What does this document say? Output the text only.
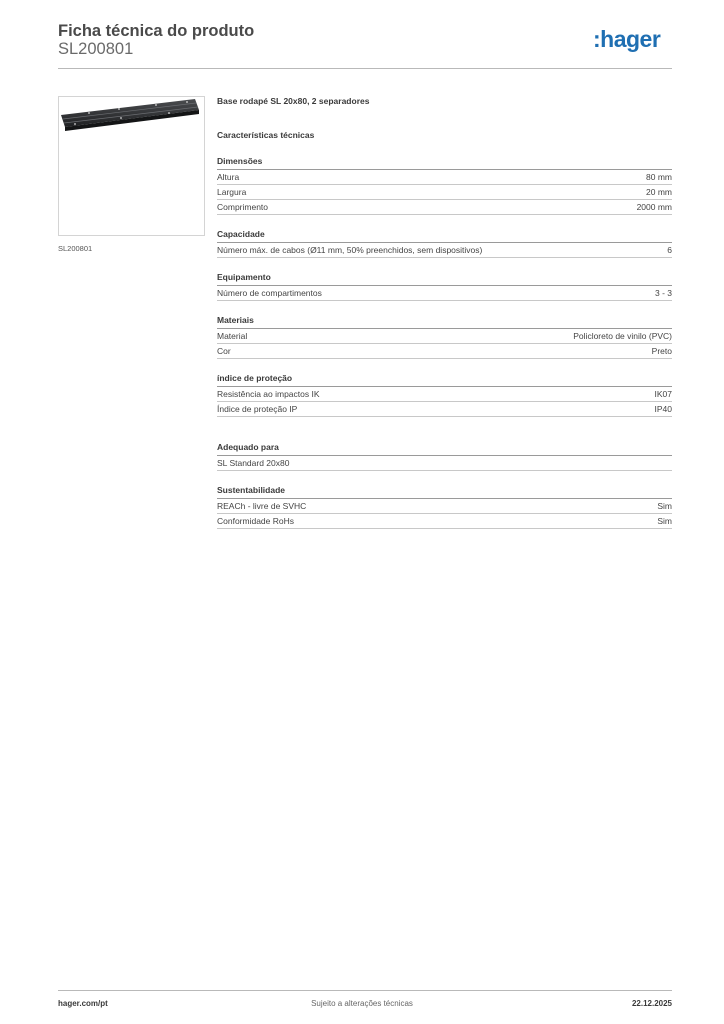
Ficha técnica do produto
SL200801	:hager
SL200801
Base rodapé SL 20x80, 2 separadores
Características técnicas
Dimensões
Altura	80 mm
Largura	20 mm
Comprimento	2000 mm
Capacidade
Número máx. de cabos (Ø11 mm, 50% preenchidos, sem dispositivos)	6
Equipamento
Número de compartimentos	3 - 3
Materiais
Material	Policloreto de vinilo (PVC)
Cor	Preto
índice de proteção
Resistência ao impactos IK	IK07
Índice de proteção IP	IP40
Adequado para
SL Standard 20x80
Sustentabilidade
REACh - livre de SVHC	Sim
Conformidade RoHs	Sim
hager.com/pt	Sujeito a alterações técnicas	22.12.2025
